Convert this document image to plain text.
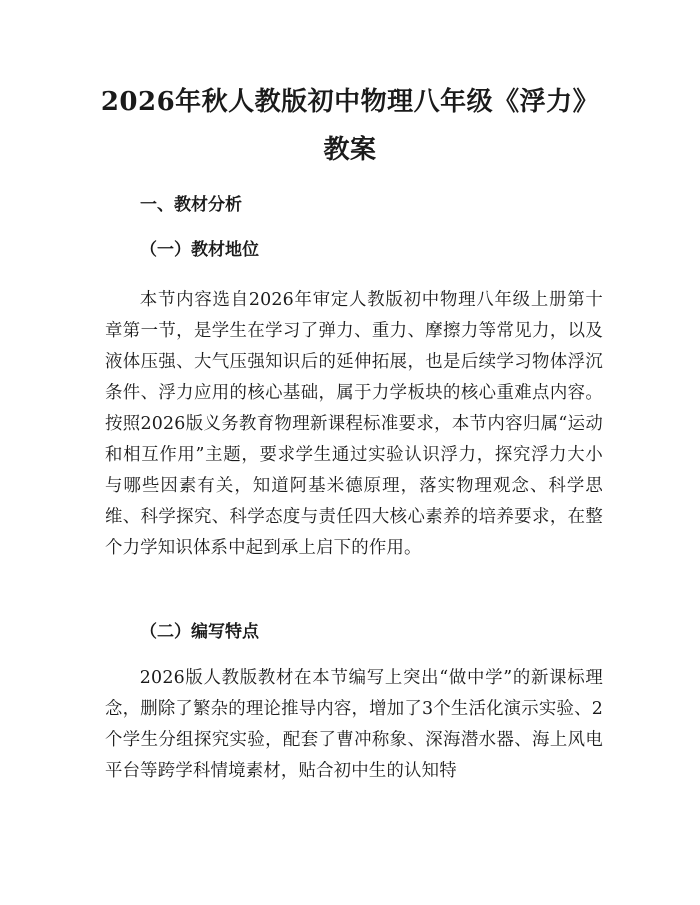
2026年秋人教版初中物理八年级《浮力》教案
一、教材分析
（一）教材地位

本节内容选自2026年审定人教版初中物理八年级上册第十章第一节，是学生在学习了弹力、重力、摩擦力等常见力，以及液体压强、大气压强知识后的延伸拓展，也是后续学习物体浮沉条件、浮力应用的核心基础，属于力学板块的核心重难点内容。按照2026版义务教育物理新课程标准要求，本节内容归属“运动和相互作用”主题，要求学生通过实验认识浮力，探究浮力大小与哪些因素有关，知道阿基米德原理，落实物理观念、科学思维、科学探究、科学态度与责任四大核心素养的培养要求，在整个力学知识体系中起到承上启下的作用。

（二）编写特点

2026版人教版教材在本节编写上突出“做中学”的新课标理念，删除了繁杂的理论推导内容，增加了3个生活化演示实验、2个学生分组探究实验，配套了曹冲称象、深海潜水器、海上风电平台等跨学科情境素材，贴合初中生的认知特
